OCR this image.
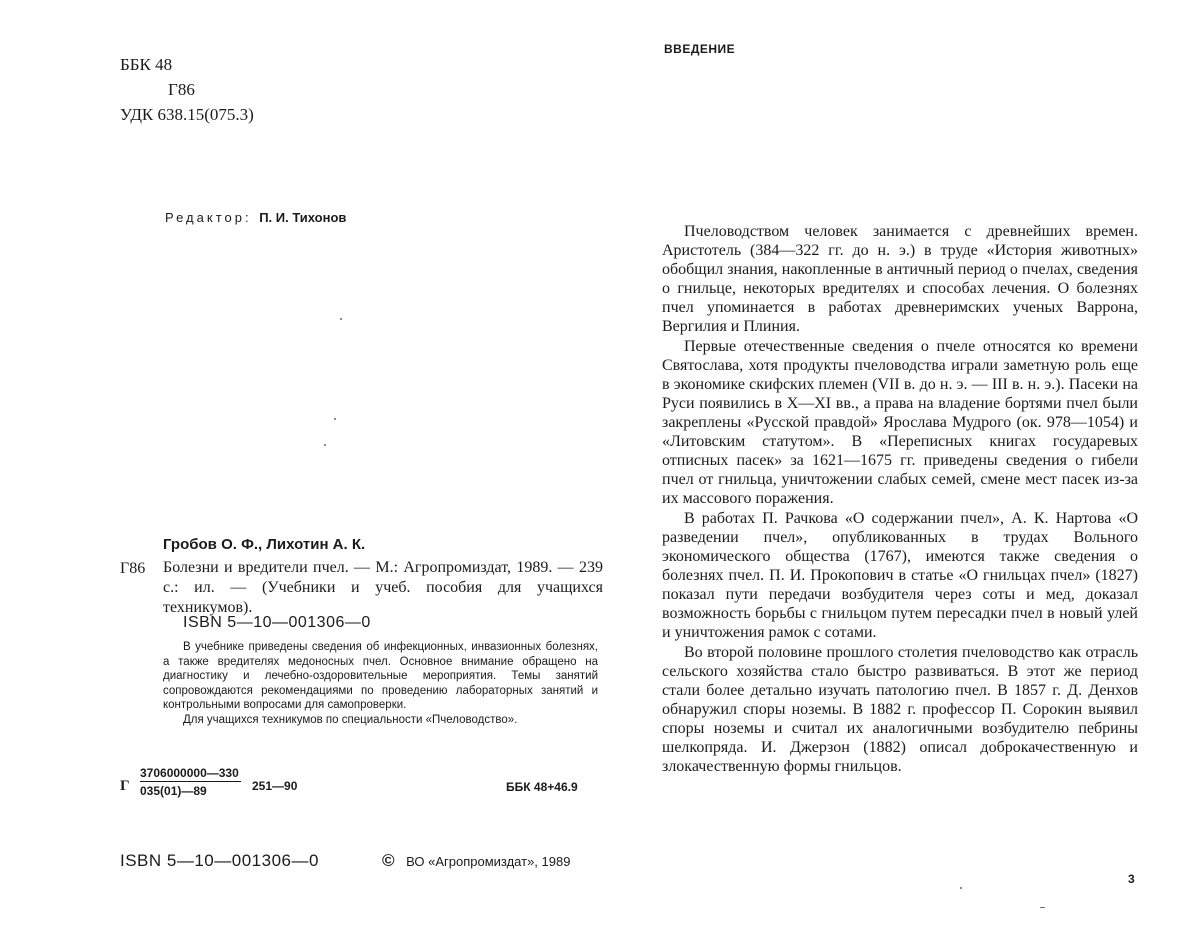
ББК 48
Г86
УДК 638.15(075.3)
Редактор: П. И. Тихонов
Гробов О. Ф., Лихотин А. К.
Г86 Болезни и вредители пчел. — М.: Агропромиздат, 1989. — 239 с.: ил. — (Учебники и учеб. пособия для учащихся техникумов).
ISBN 5—10—001306—0

В учебнике приведены сведения об инфекционных, инвазионных болезнях, а также вредителях медоносных пчел. Основное внимание обращено на диагностику и лечебно-оздоровительные мероприятия. Темы занятий сопровождаются рекомендациями по проведению лабораторных занятий и контрольными вопросами для самопроверки.

Для учащихся техникумов по специальности «Пчеловодство».

Г
3706000000—330
035(01)—89	251—90	ББК 48+46.9
ISBN 5—10—001306—0	© ВО «Агропромиздат», 1989
ВВЕДЕНИЕ

Пчеловодством человек занимается с древнейших времен. Аристотель (384—322 гг. до н. э.) в труде «История животных» обобщил знания, накопленные в античный период о пчелах, сведения о гнильце, некоторых вредителях и способах лечения. О болезнях пчел упоминается в работах древнеримских ученых Варрона, Вергилия и Плиния.

Первые отечественные сведения о пчеле относятся ко времени Святослава, хотя продукты пчеловодства играли заметную роль еще в экономике скифских племен (VII в. до н. э. — III в. н. э.). Пасеки на Руси появились в X—XI вв., а права на владение бортями пчел были закреплены «Русской правдой» Ярослава Мудрого (ок. 978—1054) и «Литовским статутом». В «Переписных книгах государевых отписных пасек» за 1621—1675 гг. приведены сведения о гибели пчел от гнильца, уничтожении слабых семей, смене мест пасек из-за их массового поражения.

В работах П. Рачкова «О содержании пчел», А. К. Нартова «О разведении пчел», опубликованных в трудах Вольного экономического общества (1767), имеются также сведения о болезнях пчел. П. И. Прокопович в статье «О гнильцах пчел» (1827) показал пути передачи возбудителя через соты и мед, доказал возможность борьбы с гнильцом путем пересадки пчел в новый улей и уничтожения рамок с сотами.

Во второй половине прошлого столетия пчеловодство как отрасль сельского хозяйства стало быстро развиваться. В этот же период стали более детально изучать патологию пчел. В 1857 г. Д. Денхов обнаружил споры ноземы. В 1882 г. профессор П. Сорокин выявил споры ноземы и считал их аналогичными возбудителю пебрины шелкопряда. И. Джерзон (1882) описал доброкачественную и злокачественную формы гнильцов.

3
